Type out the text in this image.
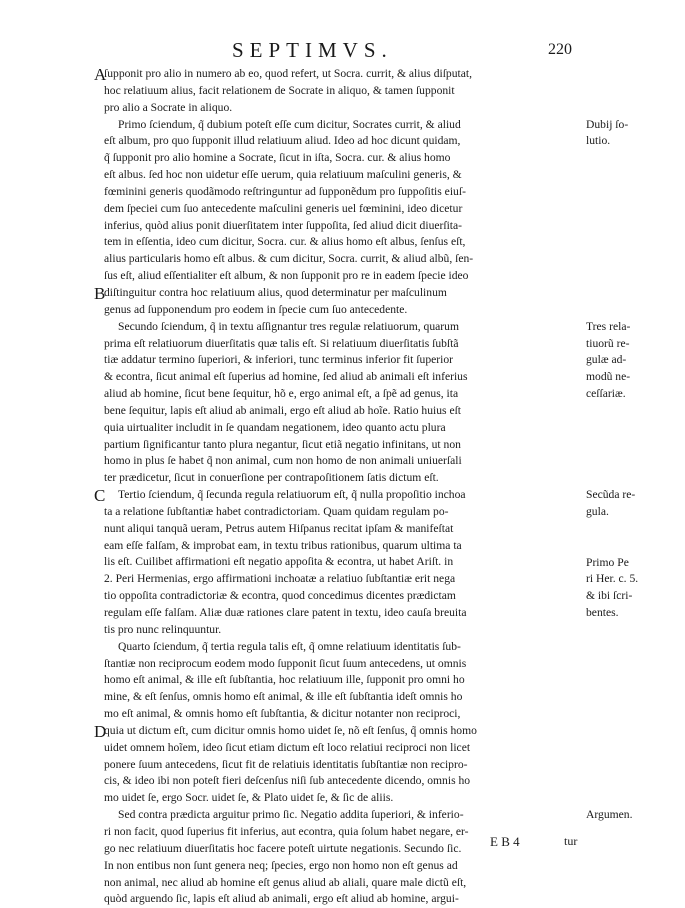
SEPTIMVS.	220
A
B
C
D
ſupponit pro alio in numero ab eo, quod refert, ut Socra. currit, & alius diſputat,
hoc relatiuum alius, facit relationem de Socrate in aliquo, & tamen ſupponit
pro alio a Socrate in aliquo.
Primo ſciendum, q̃ dubium poteſt eſſe cum dicitur, Socrates currit, & aliud
eſt album, pro quo ſupponit illud relatiuum aliud. Ideo ad hoc dicunt quidam,
q̃ ſupponit pro alio homine a Socrate, ſicut in iſta, Socra. cur. & alius homo
eſt albus. ſed hoc non uidetur eſſe uerum, quia relatiuum maſculini generis, &
fœminini generis quodãmodo reſtringuntur ad ſupponẽdum pro ſuppoſitis eiuſ-
dem ſpeciei cum ſuo antecedente maſculini generis uel fœminini, ideo dicetur
inferius, quòd alius ponit diuerſitatem inter ſuppoſita, ſed aliud dicit diuerſita-
tem in eſſentia, ideo cum dicitur, Socra. cur. & alius homo eſt albus, ſenſus eſt,
alius particularis homo eſt albus. & cum dicitur, Socra. currit, & aliud albũ, ſen-
ſus eſt, aliud eſſentialiter eſt album, & non ſupponit pro re in eadem ſpecie ideo
diſtinguitur contra hoc relatiuum alius, quod determinatur per maſculinum
genus ad ſupponendum pro eodem in ſpecie cum ſuo antecedente.
Secundo ſciendum, q̃ in textu aſſignantur tres regulæ relatiuorum, quarum
prima eſt relatiuorum diuerſitatis quæ talis eſt. Si relatiuum diuerſitatis ſubſtã
tiæ addatur termino ſuperiori, & inferiori, tunc terminus inferior fit ſuperior
& econtra, ſicut animal eſt ſuperius ad homine, ſed aliud ab animali eſt inferius
aliud ab homine, ſicut bene ſequitur, hõ e, ergo animal eſt, a ſpẽ ad genus, ita
bene ſequitur, lapis eſt aliud ab animali, ergo eſt aliud ab hoĩe. Ratio huius eſt
quia uirtualiter includit in ſe quandam negationem, ideo quanto actu plura
partium ſignificantur tanto plura negantur, ſicut etiã negatio infinitans, ut non
homo in plus ſe habet q̃ non animal, cum non homo de non animali uniuerſali
ter prædicetur, ſicut in conuerſione per contrapoſitionem ſatis dictum eſt.
Tertio ſciendum, q̃ ſecunda regula relatiuorum eſt, q̃ nulla propoſitio inchoa
ta a relatione ſubſtantiæ habet contradictoriam. Quam quidam regulam po-
nunt aliqui tanquã ueram, Petrus autem Hiſpanus recitat ipſam & manifeſtat
eam eſſe falſam, & improbat eam, in textu tribus rationibus, quarum ultima ta
lis eſt. Cuilibet affirmationi eſt negatio appoſita & econtra, ut habet Ariſt. in
2. Peri Hermenias, ergo affirmationi inchoatæ a relatiuo ſubſtantiæ erit nega
tio oppoſita contradictoriæ & econtra, quod concedimus dicentes prædictam
regulam eſſe falſam. Aliæ duæ rationes clare patent in textu, ideo cauſa breuita
tis pro nunc relinquuntur.
Quarto ſciendum, q̃ tertia regula talis eſt, q̃ omne relatiuum identitatis ſub-
ſtantiæ non reciprocum eodem modo ſupponit ſicut ſuum antecedens, ut omnis
homo eſt animal, & ille eſt ſubſtantia, hoc relatiuum ille, ſupponit pro omni ho
mine, & eſt ſenſus, omnis homo eſt animal, & ille eſt ſubſtantia ideſt omnis ho
mo eſt animal, & omnis homo eſt ſubſtantia, & dicitur notanter non reciproci,
quia ut dictum eſt, cum dicitur omnis homo uidet ſe, nõ eſt ſenſus, q̃ omnis homo
uidet omnem hoĩem, ideo ſicut etiam dictum eſt loco relatiui reciproci non licet
ponere ſuum antecedens, ſicut fit de relatiuis identitatis ſubſtantiæ non recipro-
cis, & ideo ibi non poteſt fieri deſcenſus niſi ſub antecedente dicendo, omnis ho
mo uidet ſe, ergo Socr. uidet ſe, & Plato uidet ſe, & ſic de aliis.
Sed contra prædicta arguitur primo ſic. Negatio addita ſuperiori, & inferio-
ri non facit, quod ſuperius fit inferius, aut econtra, quia ſolum habet negare, er-
go nec relatiuum diuerſitatis hoc facere poteſt uirtute negationis. Secundo ſic.
In non entibus non ſunt genera neq; ſpecies, ergo non homo non eſt genus ad
non animal, nec aliud ab homine eſt genus aliud ab aliali, quare male dictũ eſt,
quòd arguendo ſic, lapis eſt aliud ab animali, ergo eſt aliud ab homine, argui-
Dubij ſo-
lutio.
Tres rela-
tiuorũ re-
gulæ ad-
modũ ne-
ceſſariæ.
Secũda re-
gula.
Primo Pe
ri Her. c. 5.
& ibi ſcri-
bentes.
Argumen.
E B 4	tur
